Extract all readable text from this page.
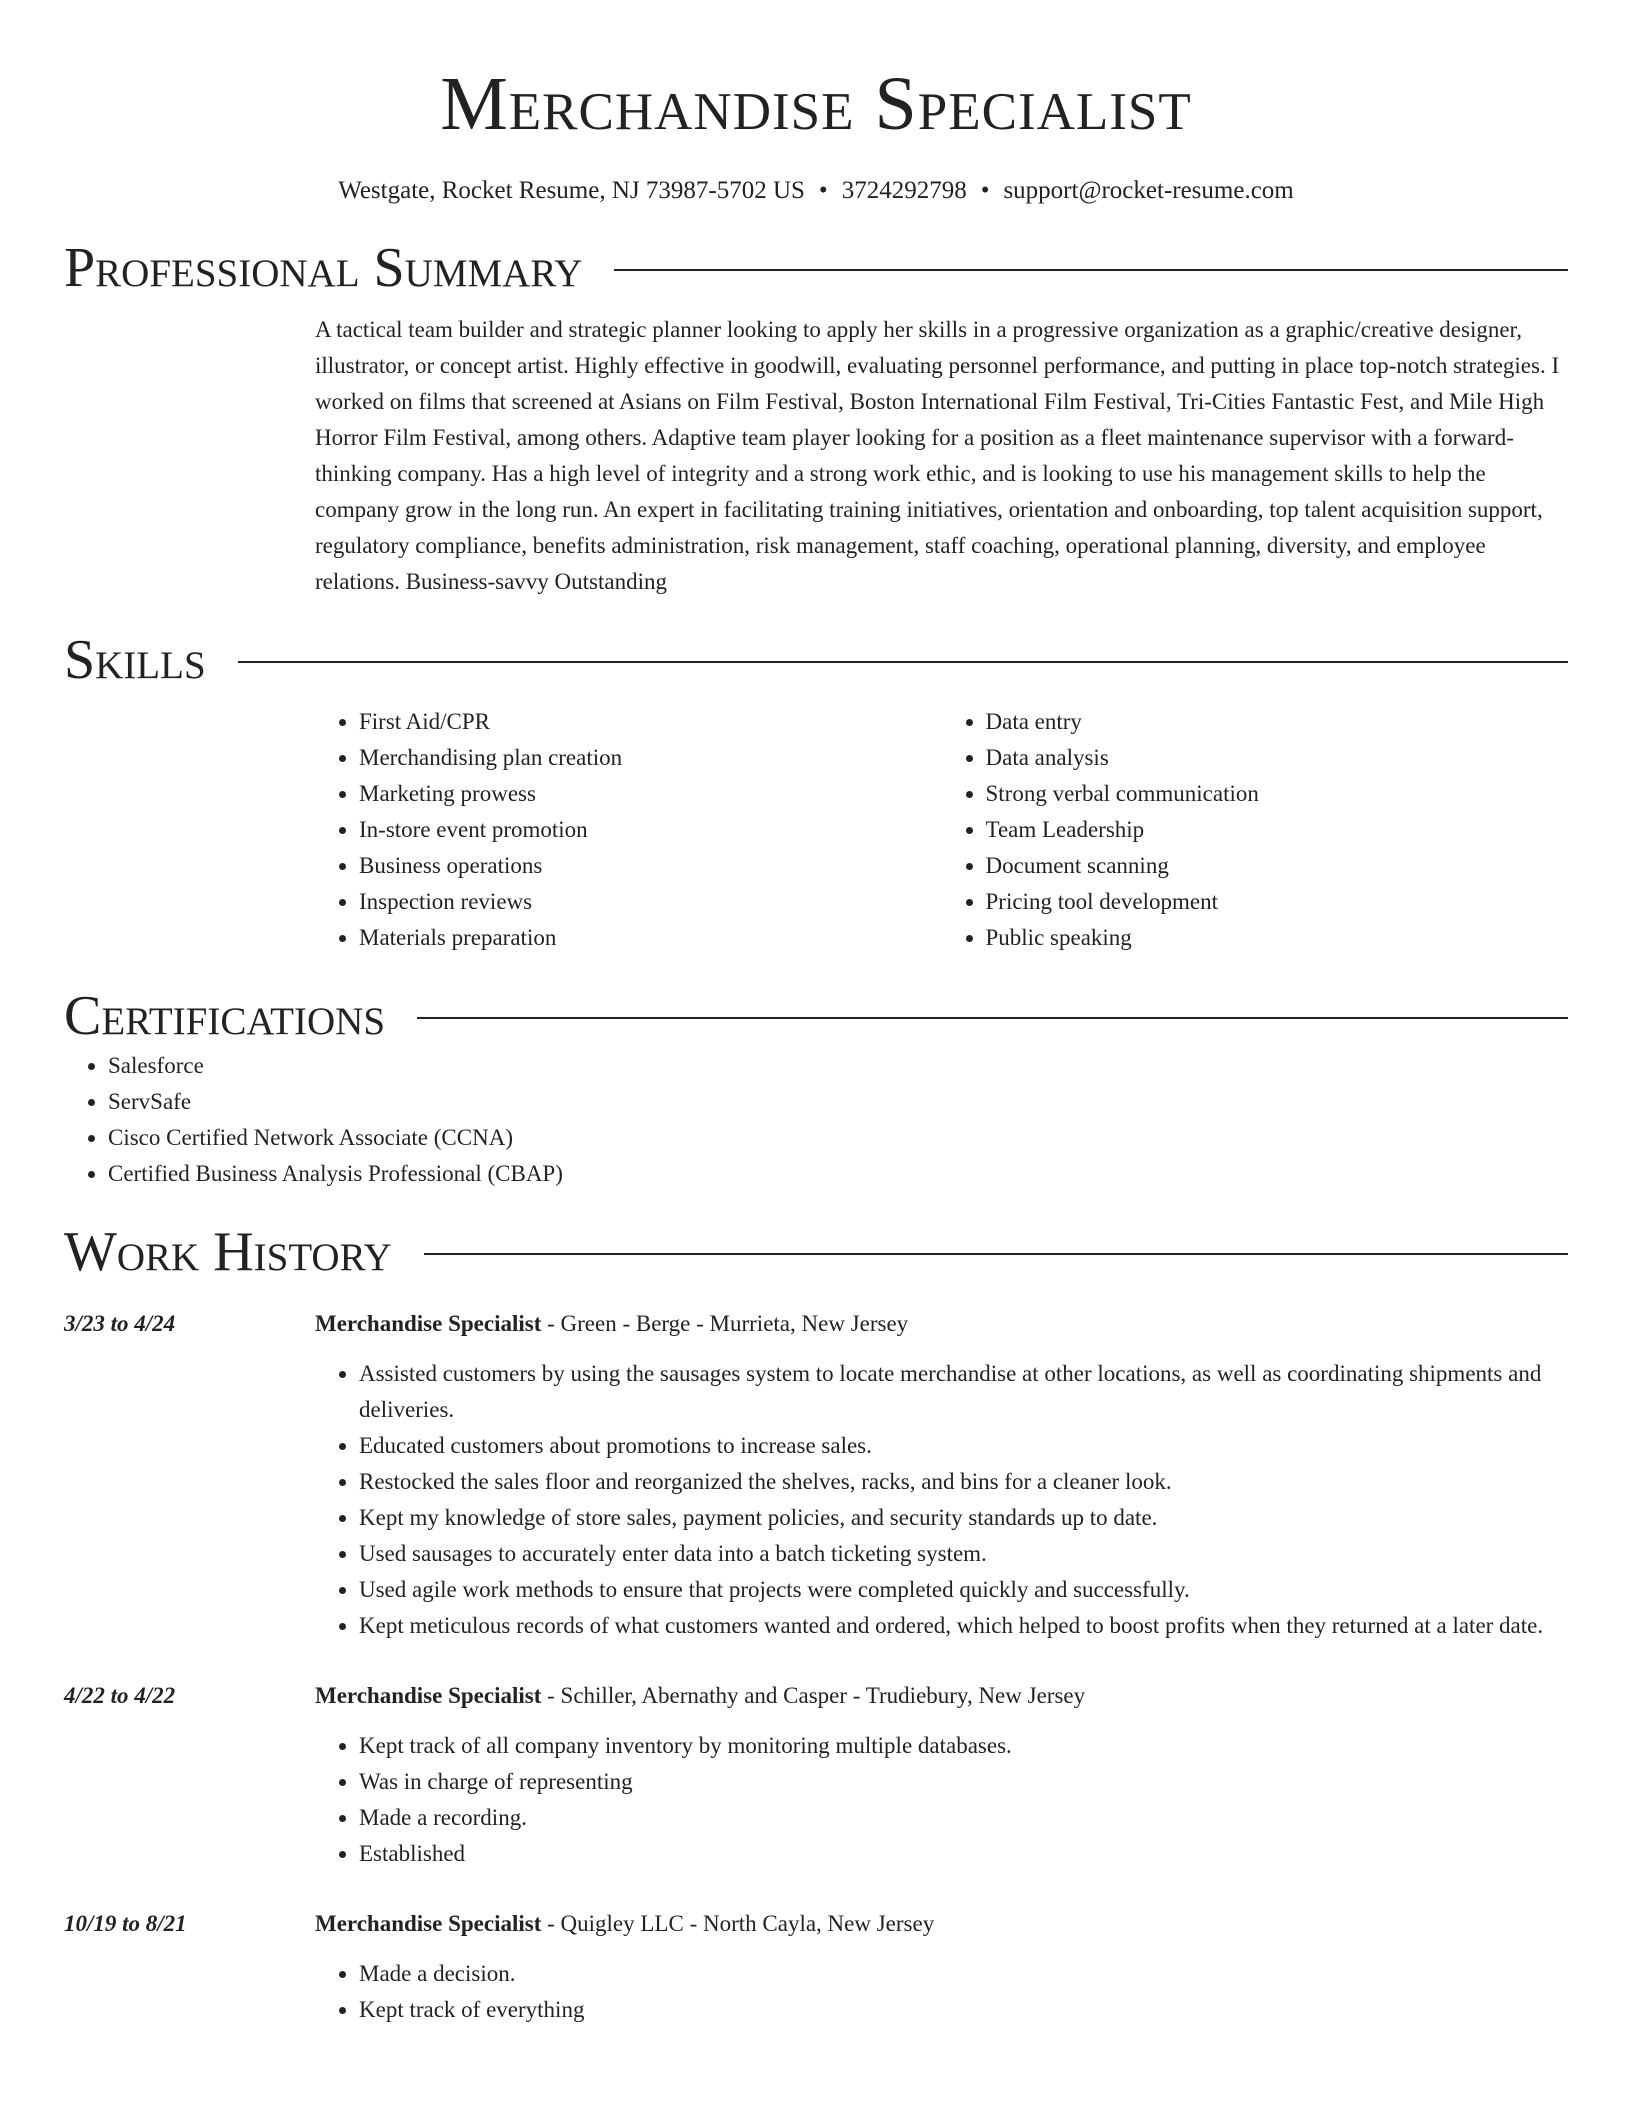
Merchandise Specialist
Westgate, Rocket Resume, NJ 73987-5702 US • 3724292798 • support@rocket-resume.com
Professional Summary

A tactical team builder and strategic planner looking to apply her skills in a progressive organization as a graphic/creative designer, illustrator, or concept artist. Highly effective in goodwill, evaluating personnel performance, and putting in place top-notch strategies. I worked on films that screened at Asians on Film Festival, Boston International Film Festival, Tri-Cities Fantastic Fest, and Mile High Horror Film Festival, among others. Adaptive team player looking for a position as a fleet maintenance supervisor with a forward-thinking company. Has a high level of integrity and a strong work ethic, and is looking to use his management skills to help the company grow in the long run. An expert in facilitating training initiatives, orientation and onboarding, top talent acquisition support, regulatory compliance, benefits administration, risk management, staff coaching, operational planning, diversity, and employee relations. Business-savvy Outstanding

Skills
• First Aid/CPR
• Merchandising plan creation
• Marketing prowess
• In-store event promotion
• Business operations
• Inspection reviews
• Materials preparation
• Data entry
• Data analysis
• Strong verbal communication
• Team Leadership
• Document scanning
• Pricing tool development
• Public speaking
Certifications
• Salesforce
• ServSafe
• Cisco Certified Network Associate (CCNA)
• Certified Business Analysis Professional (CBAP)
Work History
3/23 to 4/24	Merchandise Specialist - Green - Berge - Murrieta, New Jersey
• Assisted customers by using the sausages system to locate merchandise at other locations, as well as coordinating shipments and deliveries.
• Educated customers about promotions to increase sales.
• Restocked the sales floor and reorganized the shelves, racks, and bins for a cleaner look.
• Kept my knowledge of store sales, payment policies, and security standards up to date.
• Used sausages to accurately enter data into a batch ticketing system.
• Used agile work methods to ensure that projects were completed quickly and successfully.
• Kept meticulous records of what customers wanted and ordered, which helped to boost profits when they returned at a later date.
4/22 to 4/22	Merchandise Specialist - Schiller, Abernathy and Casper - Trudiebury, New Jersey
• Kept track of all company inventory by monitoring multiple databases.
• Was in charge of representing
• Made a recording.
• Established
10/19 to 8/21	Merchandise Specialist - Quigley LLC - North Cayla, New Jersey
• Made a decision.
• Kept track of everything
